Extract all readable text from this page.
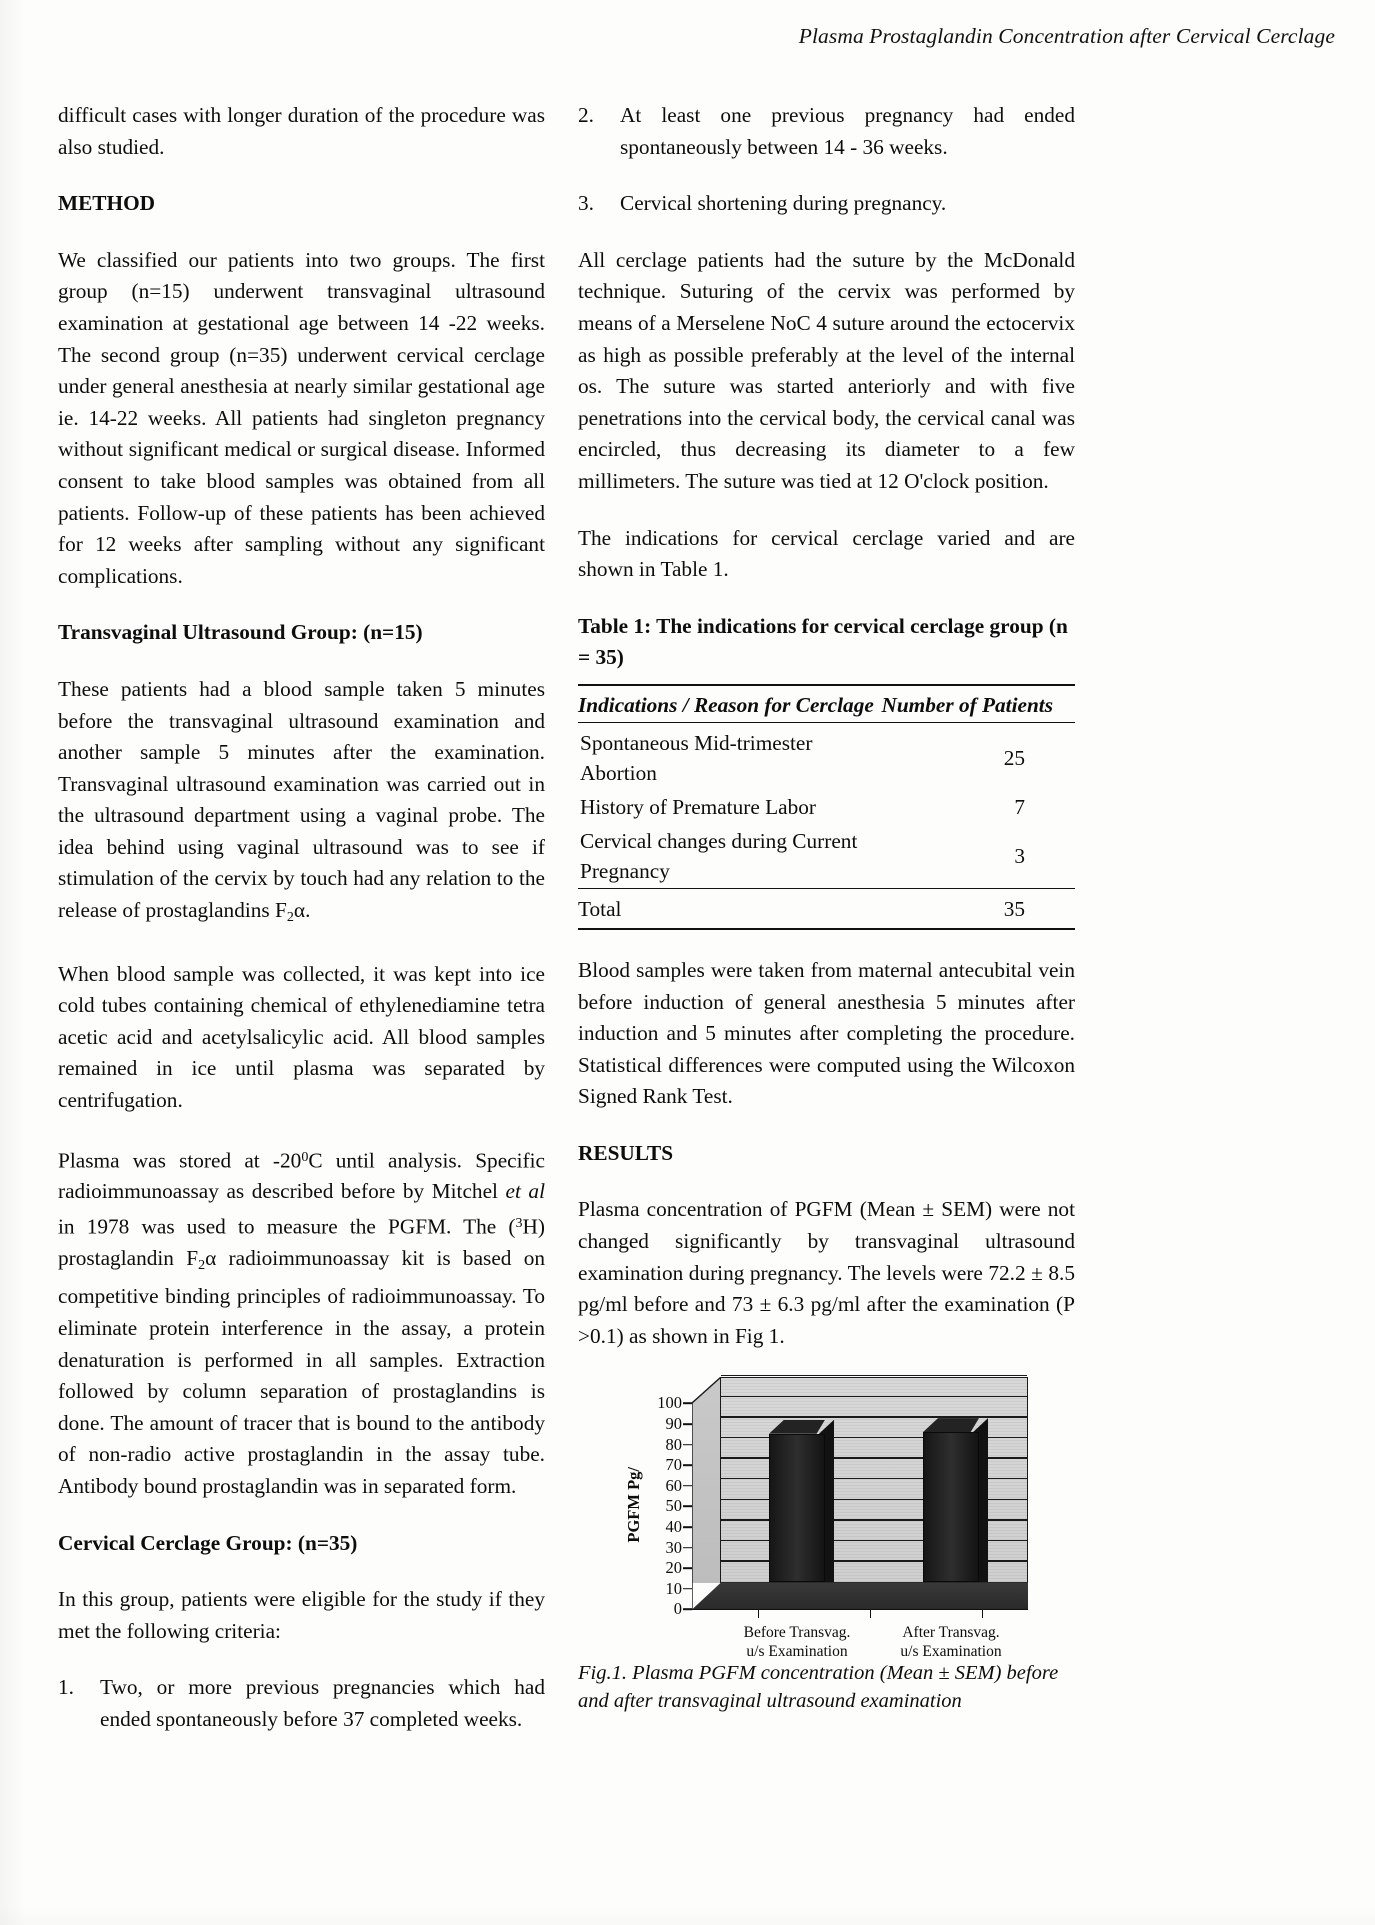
Plasma Prostaglandin Concentration after Cervical Cerclage

difficult cases with longer duration of the procedure was also studied.

METHOD

We classified our patients into two groups. The first group (n=15) underwent transvaginal ultrasound examination at gestational age between 14 -22 weeks. The second group (n=35) underwent cervical cerclage under general anesthesia at nearly similar gestational age ie. 14-22 weeks. All patients had singleton pregnancy without significant medical or surgical disease. Informed consent to take blood samples was obtained from all patients. Follow-up of these patients has been achieved for 12 weeks after sampling without any significant complications.

Transvaginal Ultrasound Group: (n=15)

These patients had a blood sample taken 5 minutes before the transvaginal ultrasound examination and another sample 5 minutes after the examination. Transvaginal ultrasound examination was carried out in the ultrasound department using a vaginal probe. The idea behind using vaginal ultrasound was to see if stimulation of the cervix by touch had any relation to the release of prostaglandins $F_2\alpha$.

When blood sample was collected, it was kept into ice cold tubes containing chemical of ethylenediamine tetra acetic acid and acetylsalicylic acid. All blood samples remained in ice until plasma was separated by centrifugation.

Plasma was stored at $-20^0C$ until analysis. Specific radioimmunoassay as described before by Mitchel et al in 1978 was used to measure the PGFM. The ($^3$H) prostaglandin $F_2\alpha$ radioimmunoassay kit is based on competitive binding principles of radioimmunoassay. To eliminate protein interference in the assay, a protein denaturation is performed in all samples. Extraction followed by column separation of prostaglandins is done. The amount of tracer that is bound to the antibody of non-radio active prostaglandin in the assay tube. Antibody bound prostaglandin was in separated form.

Cervical Cerclage Group: (n=35)

In this group, patients were eligible for the study if they met the following criteria:

1.	Two, or more previous pregnancies which had ended spontaneously before 37 completed weeks.
2.	At least one previous pregnancy had ended spontaneously between 14 - 36 weeks.
3.	Cervical shortening during pregnancy.

All cerclage patients had the suture by the McDonald technique. Suturing of the cervix was performed by means of a Merselene NoC 4 suture around the ectocervix as high as possible preferably at the level of the internal os. The suture was started anteriorly and with five penetrations into the cervical body, the cervical canal was encircled, thus decreasing its diameter to a few millimeters. The suture was tied at 12 O'clock position.

The indications for cervical cerclage varied and are shown in Table 1.

Table 1: The indications for cervical cerclage group (n = 35)

Indications / Reason for Cerclage	Number of Patients
Spontaneous Mid-trimester Abortion	25
History of Premature Labor	7
Cervical changes during Current Pregnancy	3
Total	35

Blood samples were taken from maternal antecubital vein before induction of general anesthesia 5 minutes after induction and 5 minutes after completing the procedure. Statistical differences were computed using the Wilcoxon Signed Rank Test.

RESULTS

Plasma concentration of PGFM (Mean ± SEM) were not changed significantly by transvaginal ultrasound examination during pregnancy. The levels were 72.2 ± 8.5 pg/ml before and 73 ± 6.3 pg/ml after the examination (P >0.1) as shown in Fig 1.

PGFM Pg/
0
10
20
30
40
50
60
70
80
90
100
Before Transvag.
u/s Examination
After Transvag.
u/s Examination

Fig.1. Plasma PGFM concentration (Mean ± SEM) before and after transvaginal ultrasound examination
